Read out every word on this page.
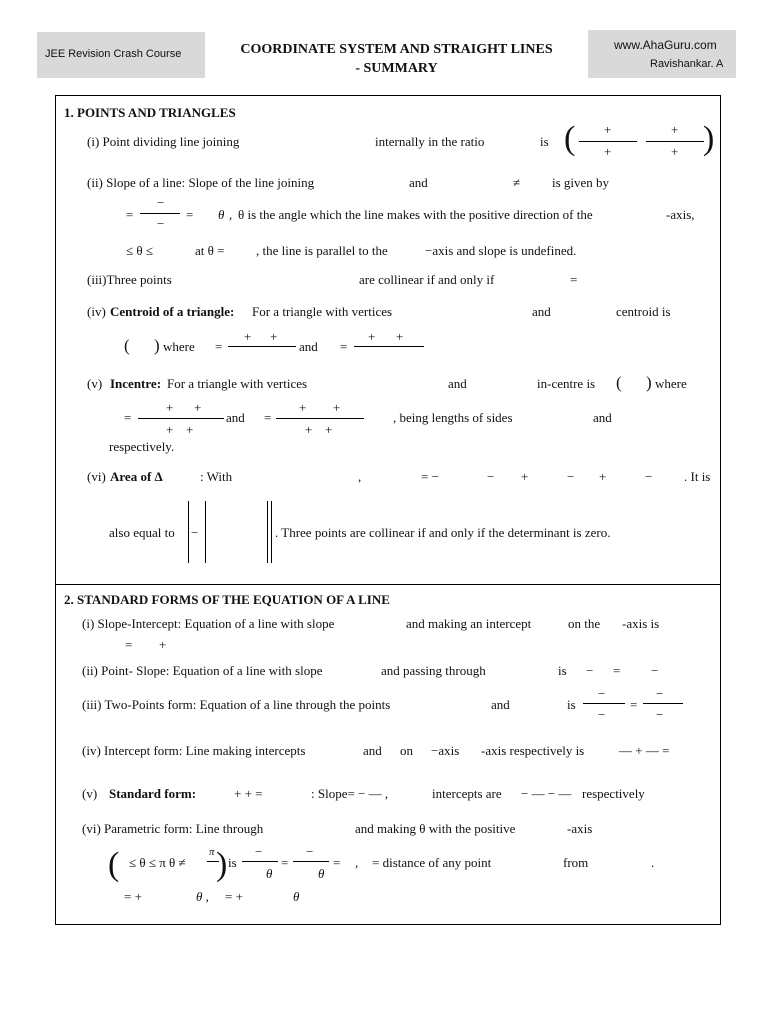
JEE Revision Crash Course	COORDINATE SYSTEM AND STRAIGHT LINES
- SUMMARY
www.AhaGuru.com
Ravishankar. A
1. POINTS AND TRIANGLES
(i) Point dividing line joining	internally in the ratio	is ( +
+
+
+ )
(ii) Slope of a line: Slope of the line joining	and	≠ is given by
=
−
−
= θ , θ is the angle which the line makes with the positive direction of the	-axis,
≤ θ ≤	at θ = , the line is parallel to the	−axis and slope is undefined.
(iii)Three points	are collinear if and only if	=
(iv) Centroid of a triangle: For a triangle with vertices	and	centroid is
( ) where =
+ +
and =
+ +
(v) Incentre: For a triangle with vertices	and	in-centre is ( ) where
=
+ +
+ +
and =
+ +
+ +
, being lengths of sides	and
respectively.
(vi) Area of Δ	: With	,	= −	− +	− +	− . It is
also equal to −	. Three points are collinear if and only if the determinant is zero.
2. STANDARD FORMS OF THE EQUATION OF A LINE
(i) Slope-Intercept: Equation of a line with slope	and making an intercept	on the -axis is
= +
(ii) Point- Slope: Equation of a line with slope	and passing through	is − = −
(iii) Two-Points form: Equation of a line through the points	and	is
−
−
=
−
−
(iv) Intercept form: Line making intercepts	and on −axis -axis respectively is	— + — =
(v) Standard form:	+ + =	: Slope= − — ,	intercepts are − — − — respectively
(vi) Parametric form: Line through	and making θ with the positive	-axis
( ≤ θ ≤ π θ ≠
π ) is
−
θ
=
−
θ
= , = distance of any point	from	.
= +	θ , = +	θ
